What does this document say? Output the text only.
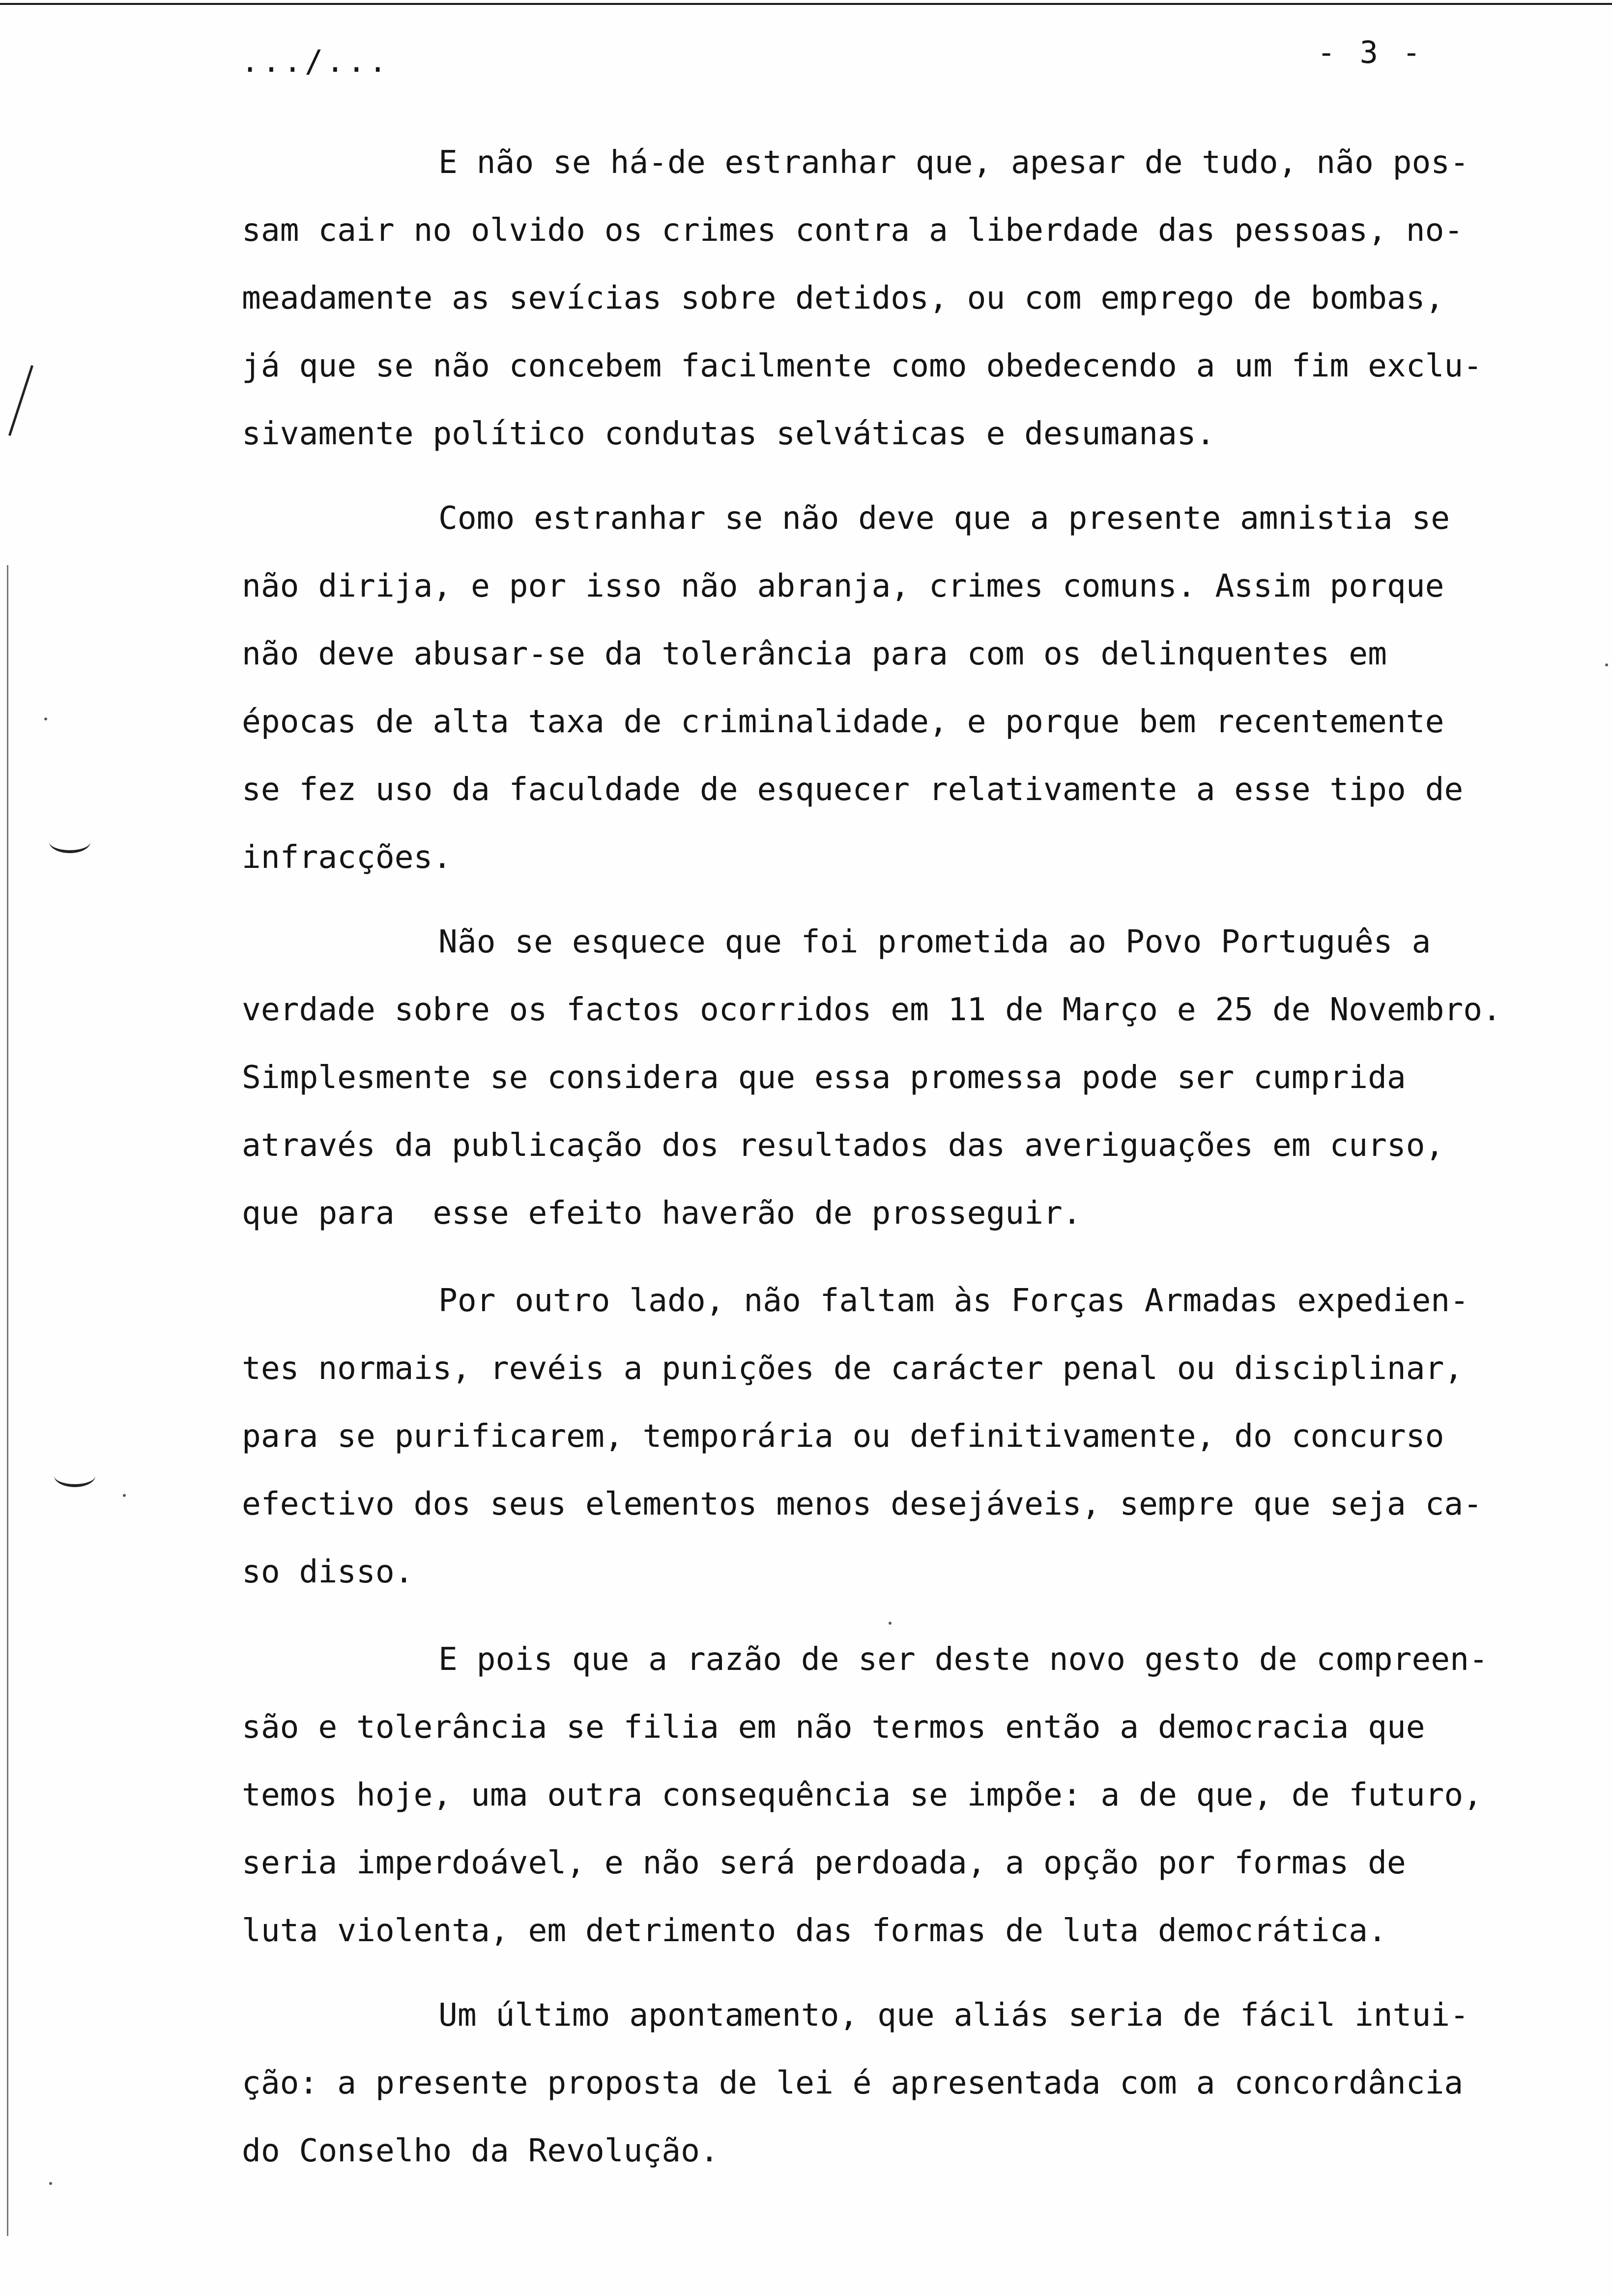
.../...	- 3 -
E não se há-de estranhar que, apesar de tudo, não pos-
sam cair no olvido os crimes contra a liberdade das pessoas, no-
meadamente as sevícias sobre detidos, ou com emprego de bombas,
já que se não concebem facilmente como obedecendo a um fim exclu-
sivamente político condutas selváticas e desumanas.
Como estranhar se não deve que a presente amnistia se
não dirija, e por isso não abranja, crimes comuns. Assim porque
não deve abusar-se da tolerância para com os delinquentes em
épocas de alta taxa de criminalidade, e porque bem recentemente
se fez uso da faculdade de esquecer relativamente a esse tipo de
infracções.
Não se esquece que foi prometida ao Povo Português a
verdade sobre os factos ocorridos em 11 de Março e 25 de Novembro.
Simplesmente se considera que essa promessa pode ser cumprida
através da publicação dos resultados das averiguações em curso,
que para  esse efeito haverão de prosseguir.
Por outro lado, não faltam às Forças Armadas expedien-
tes normais, revéis a punições de carácter penal ou disciplinar,
para se purificarem, temporária ou definitivamente, do concurso
efectivo dos seus elementos menos desejáveis, sempre que seja ca-
so disso.
E pois que a razão de ser deste novo gesto de compreen-
são e tolerância se filia em não termos então a democracia que
temos hoje, uma outra consequência se impõe: a de que, de futuro,
seria imperdoável, e não será perdoada, a opção por formas de
luta violenta, em detrimento das formas de luta democrática.
Um último apontamento, que aliás seria de fácil intui-
ção: a presente proposta de lei é apresentada com a concordância
do Conselho da Revolução.
